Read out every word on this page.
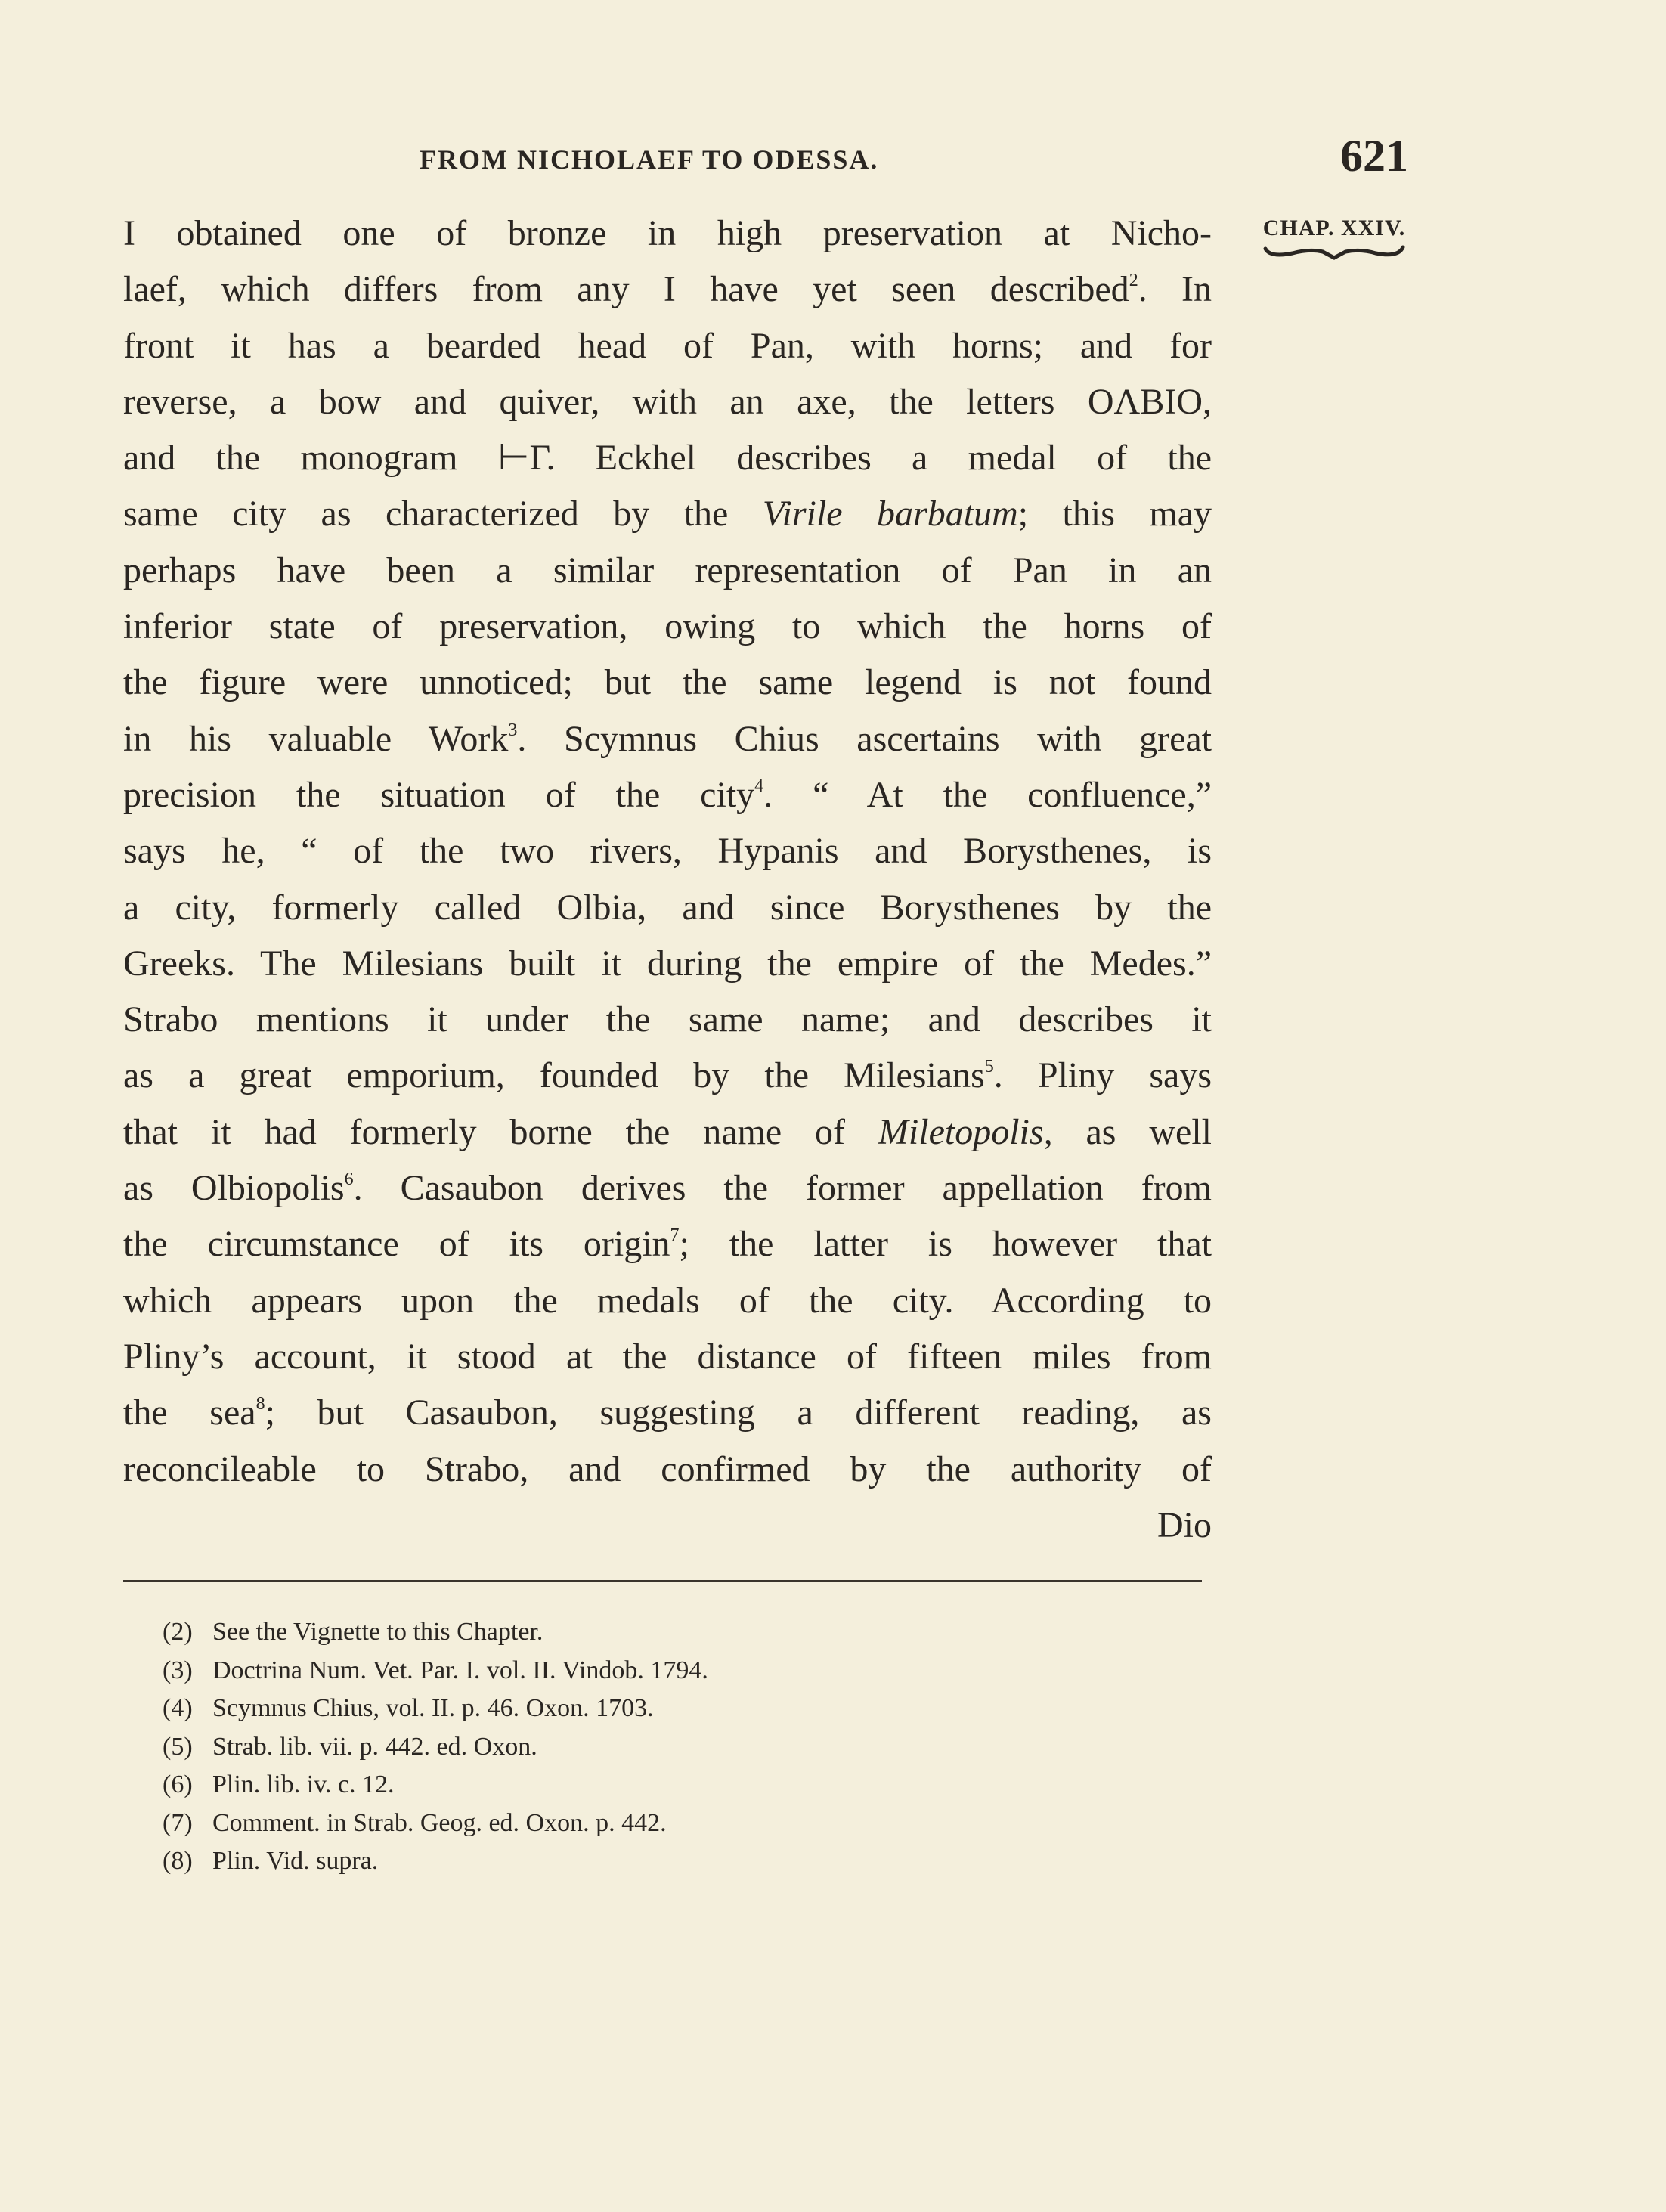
FROM NICHOLAEF TO ODESSA.	621
CHAP. XXIV.
I obtained one of bronze in high preservation at Nicho-
laef, which differs from any I have yet seen described$^2$. In
front it has a bearded head of Pan, with horns; and for
reverse, a bow and quiver, with an axe, the letters OΛBIO,
and the monogram ⊢Γ. Eckhel describes a medal of the
same city as characterized by the Virile barbatum; this may
perhaps have been a similar representation of Pan in an
inferior state of preservation, owing to which the horns of
the figure were unnoticed; but the same legend is not found
in his valuable Work$^3$. Scymnus Chius ascertains with great
precision the situation of the city$^4$. “ At the confluence,”
says he, “ of the two rivers, Hypanis and Borysthenes, is
a city, formerly called Olbia, and since Borysthenes by the
Greeks. The Milesians built it during the empire of the Medes.”
Strabo mentions it under the same name; and describes it
as a great emporium, founded by the Milesians$^5$. Pliny says
that it had formerly borne the name of Miletopolis, as well
as Olbiopolis$^6$. Casaubon derives the former appellation from
the circumstance of its origin$^7$; the latter is however that
which appears upon the medals of the city. According to
Pliny’s account, it stood at the distance of fifteen miles from
the sea$^8$; but Casaubon, suggesting a different reading, as
reconcileable to Strabo, and confirmed by the authority of
Dio
(2) See the Vignette to this Chapter.
(3) Doctrina Num. Vet. Par. I. vol. II. Vindob. 1794.
(4) Scymnus Chius, vol. II. p. 46. Oxon. 1703.
(5) Strab. lib. vii. p. 442. ed. Oxon.
(6) Plin. lib. iv. c. 12.
(7) Comment. in Strab. Geog. ed. Oxon. p. 442.
(8) Plin. Vid. supra.
